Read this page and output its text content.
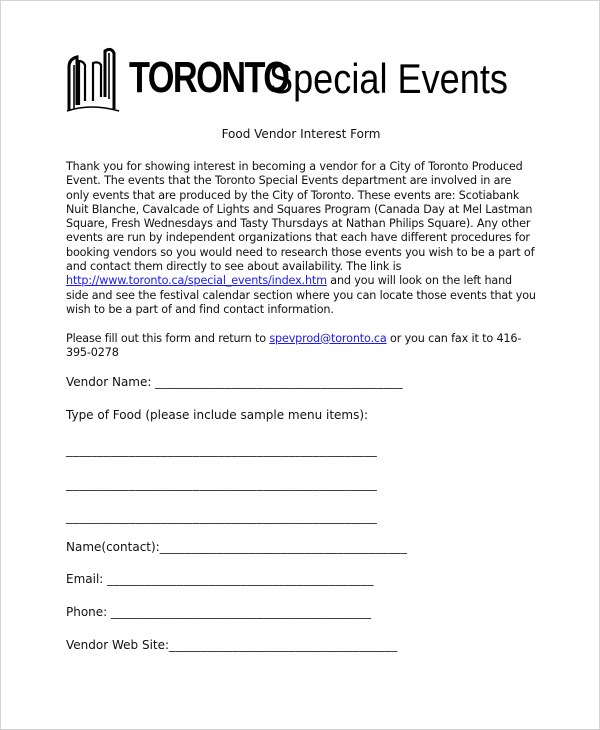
TORONTO
Special Events
Food Vendor Interest Form

Thank you for showing interest in becoming a vendor for a City of Toronto Produced Event. The events that the Toronto Special Events department are involved in are only events that are produced by the City of Toronto. These events are: Scotiabank Nuit Blanche, Cavalcade of Lights and Squares Program (Canada Day at Mel Lastman Square, Fresh Wednesdays and Tasty Thursdays at Nathan Philips Square). Any other events are run by independent organizations that each have different procedures for booking vendors so you would need to research those events you wish to be a part of and contact them directly to see about availability. The link is http://www.toronto.ca/special_events/index.htm and you will look on the left hand side and see the festival calendar section where you can locate those events that you wish to be a part of and find contact information.

Please fill out this form and return to spevprod@toronto.ca or you can fax it to 416-395-0278

Vendor Name: _______________________________________
Type of Food (please include sample menu items):
_________________________________________________
_________________________________________________
_________________________________________________
Name(contact):_______________________________________
Email: __________________________________________
Phone: _________________________________________
Vendor Web Site:____________________________________
